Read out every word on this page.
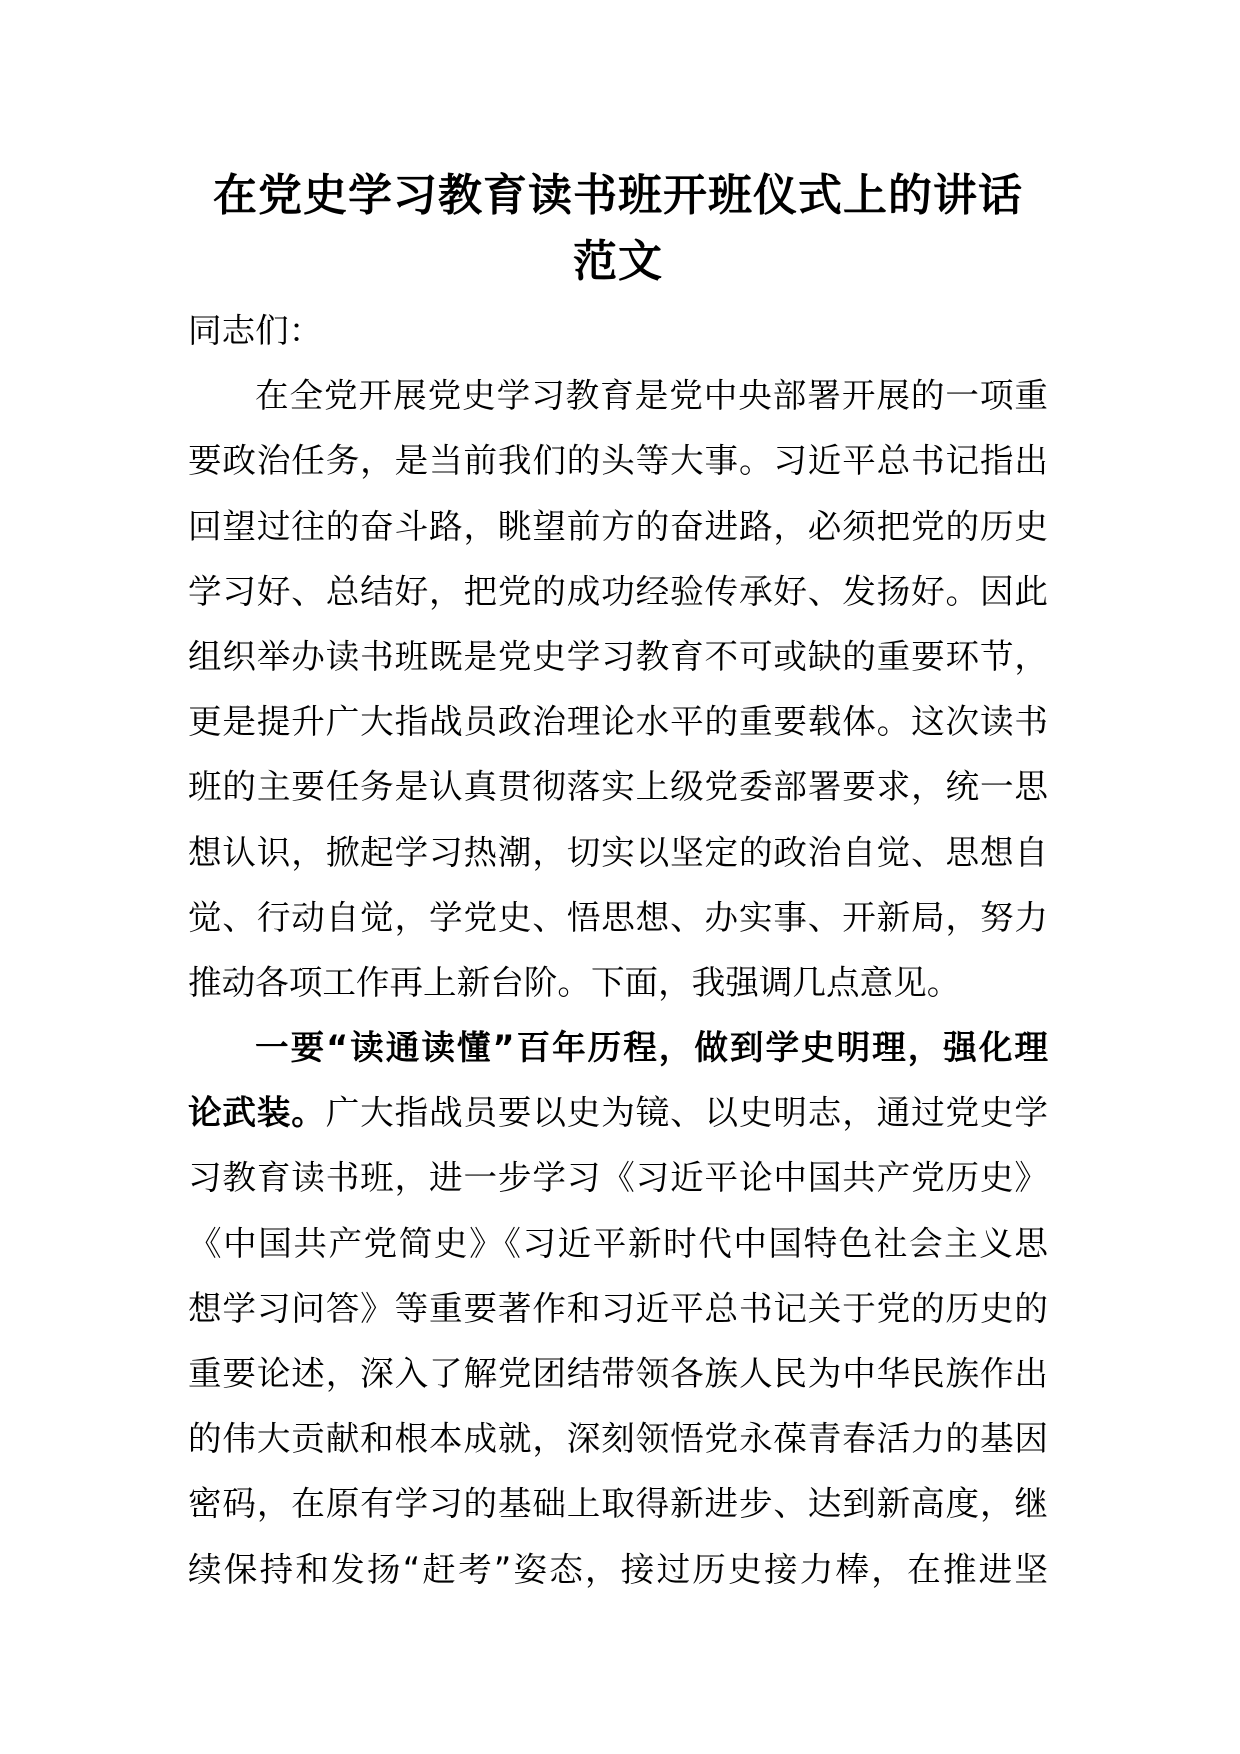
在党史学习教育读书班开班仪式上的讲话
范文
同志们：
在全党开展党史学习教育是党中央部署开展的一项重
要政治任务，是当前我们的头等大事。习近平总书记指出
回望过往的奋斗路，眺望前方的奋进路，必须把党的历史
学习好、总结好，把党的成功经验传承好、发扬好。因此
组织举办读书班既是党史学习教育不可或缺的重要环节，
更是提升广大指战员政治理论水平的重要载体。这次读书
班的主要任务是认真贯彻落实上级党委部署要求，统一思
想认识，掀起学习热潮，切实以坚定的政治自觉、思想自
觉、行动自觉，学党史、悟思想、办实事、开新局，努力
推动各项工作再上新台阶。下面，我强调几点意见。
一要“读通读懂”百年历程，做到学史明理，强化理
论武装。广大指战员要以史为镜、以史明志，通过党史学
习教育读书班，进一步学习《习近平论中国共产党历史》
《中国共产党简史》《习近平新时代中国特色社会主义思
想学习问答》等重要著作和习近平总书记关于党的历史的
重要论述，深入了解党团结带领各族人民为中华民族作出
的伟大贡献和根本成就，深刻领悟党永葆青春活力的基因
密码，在原有学习的基础上取得新进步、达到新高度，继
续保持和发扬“赶考”姿态，接过历史接力棒，在推进坚
